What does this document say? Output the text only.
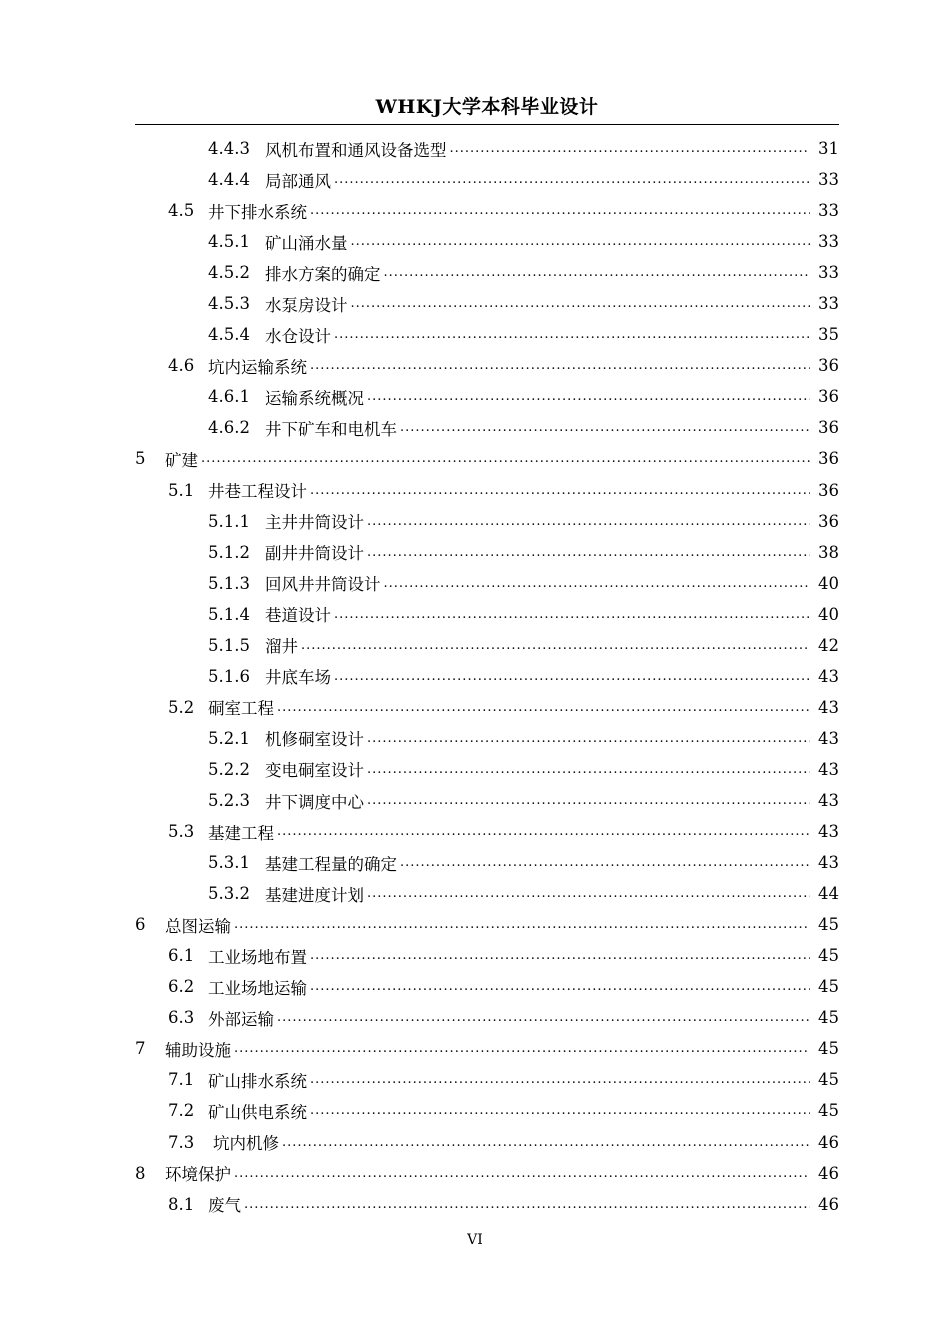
WHKJ大学本科毕业设计
4.4.3 风机布置和通风设备选型 .....	31
4.4.4 局部通风 .....	33
4.5 井下排水系统 .....	33
4.5.1 矿山涌水量 .....	33
4.5.2 排水方案的确定 .....	33
4.5.3 水泵房设计 .....	33
4.5.4 水仓设计 .....	35
4.6 坑内运输系统 .....	36
4.6.1 运输系统概况 .....	36
4.6.2 井下矿车和电机车 .....	36
5 矿建 .....	36
5.1 井巷工程设计 .....	36
5.1.1 主井井筒设计 .....	36
5.1.2 副井井筒设计 .....	38
5.1.3 回风井井筒设计 .....	40
5.1.4 巷道设计 .....	40
5.1.5 溜井 .....	42
5.1.6 井底车场 .....	43
5.2 硐室工程 .....	43
5.2.1 机修硐室设计 .....	43
5.2.2 变电硐室设计 .....	43
5.2.3 井下调度中心 .....	43
5.3 基建工程 .....	43
5.3.1 基建工程量的确定 .....	43
5.3.2 基建进度计划 .....	44
6 总图运输 .....	45
6.1 工业场地布置 .....	45
6.2 工业场地运输 .....	45
6.3 外部运输 .....	45
7 辅助设施 .....	45
7.1 矿山排水系统 .....	45
7.2 矿山供电系统 .....	45
7.3 坑内机修 .....	46
8 环境保护 .....	46
8.1 废气 .....	46
VI
